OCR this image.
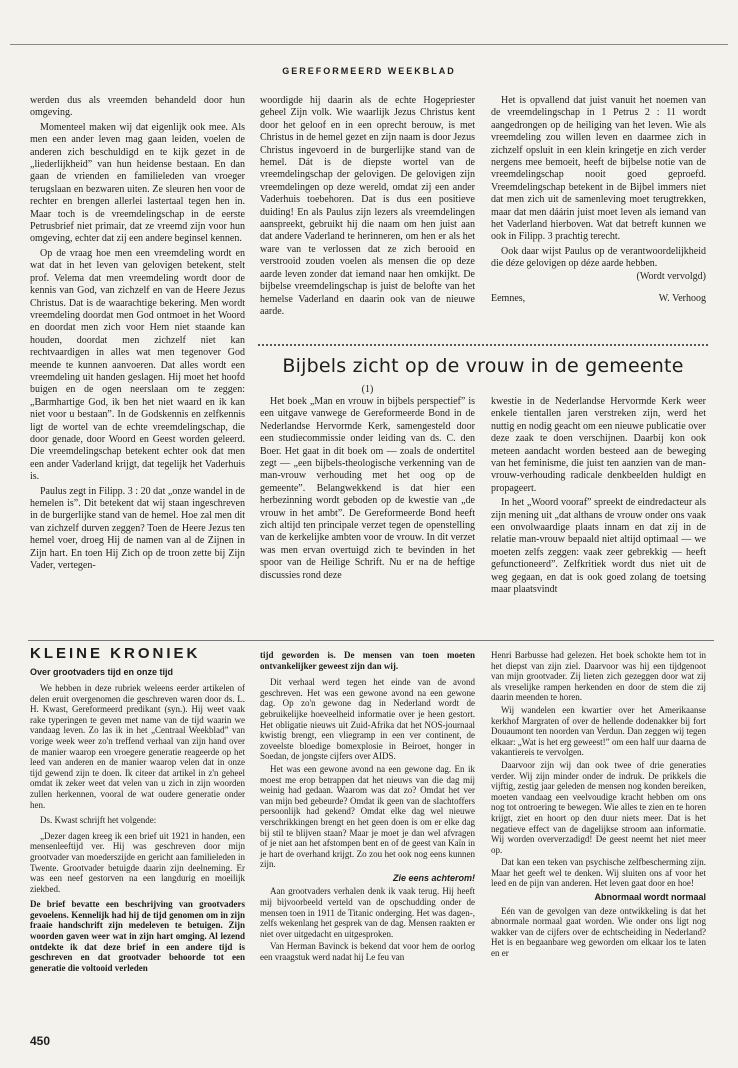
GEREFORMEERD WEEKBLAD

werden dus als vreemden behandeld door hun omgeving.

Momenteel maken wij dat eigenlijk ook mee. Als men een ander leven mag gaan leiden, voelen de anderen zich beschuldigd en te kijk gezet in de „liederlijkheid” van hun heidense bestaan. En dan gaan de vrienden en familieleden van vroeger terugslaan en bezwaren uiten. Ze sleuren hen voor de rechter en brengen allerlei lastertaal tegen hen in. Maar toch is de vreemdelingschap in de eerste Petrusbrief niet primair, dat ze vreemd zijn voor hun omgeving, echter dat zij een andere beginsel kennen.

Op de vraag hoe men een vreemdeling wordt en wat dat in het leven van gelovigen betekent, stelt prof. Velema dat men vreemdeling wordt door de kennis van God, van zichzelf en van de Heere Jezus Christus. Dat is de waarachtige bekering. Men wordt vreemdeling doordat men God ontmoet in het Woord en doordat men zich voor Hem niet staande kan houden, doordat men zichzelf niet kan rechtvaardigen in alles wat men tegenover God meende te kunnen aanvoeren. Dat alles wordt een vreemdeling uit handen geslagen. Hij moet het hoofd buigen en de ogen neerslaan om te zeggen: „Barmhartige God, ik ben het niet waard en ik kan niet voor u bestaan”. In de Godskennis en zelfkennis ligt de wortel van de echte vreemdelingschap, die door genade, door Woord en Geest worden geleerd. Die vreemdelingschap betekent echter ook dat men een ander Vaderland krijgt, dat tegelijk het Vaderhuis is.

Paulus zegt in Filipp. 3 : 20 dat „onze wandel in de hemelen is”. Dit betekent dat wij staan ingeschreven in de burgerlijke stand van de hemel. Hoe zal men dit van zichzelf durven zeggen? Toen de Heere Jezus ten hemel voer, droeg Hij de namen van al de Zijnen in Zijn hart. En toen Hij Zich op de troon zette bij Zijn Vader, vertegen-

woordigde hij daarin als de echte Hogepriester geheel Zijn volk. Wie waarlijk Jezus Christus kent door het geloof en in een oprecht berouw, is met Christus in de hemel gezet en zijn naam is door Jezus Christus ingevoerd in de burgerlijke stand van de hemel. Dát is de diepste wortel van de vreemdelingschap der gelovigen. De gelovigen zijn vreemdelingen op deze wereld, omdat zij een ander Vaderhuis toebehoren. Dat is dus een positieve duiding! En als Paulus zijn lezers als vreemdelingen aanspreekt, gebruikt hij die naam om hen juist aan dat andere Vaderland te herinneren, om hen er als het ware van te verlossen dat ze zich berooid en verstrooid zouden voelen als mensen die op deze aarde leven zonder dat iemand naar hen omkijkt. De bijbelse vreemdelingschap is juist de belofte van het hemelse Vaderland en daarin ook van de nieuwe aarde.

Het is opvallend dat juist vanuit het noemen van de vreemdelingschap in 1 Petrus 2 : 11 wordt aangedrongen op de heiliging van het leven. Wie als vreemdeling zou willen leven en daarmee zich in zichzelf opsluit in een klein kringetje en zich verder nergens mee bemoeit, heeft de bijbelse notie van de vreemdelingschap nooit goed geproefd. Vreemdelingschap betekent in de Bijbel immers niet dat men zich uit de samenleving moet terugtrekken, maar dat men dáárin juist moet leven als iemand van het Vaderland hierboven. Wat dat betreft kunnen we ook in Filipp. 3 prachtig terecht.

Ook daar wijst Paulus op de verantwoordelijkheid die déze gelovigen op déze aarde hebben.

(Wordt vervolgd)
Eemnes,	W. Verhoog
Bijbels zicht op de vrouw in de gemeente
(1)

Het boek „Man en vrouw in bijbels perspectief” is een uitgave vanwege de Gereformeerde Bond in de Nederlandse Hervormde Kerk, samengesteld door een studiecommissie onder leiding van ds. C. den Boer. Het gaat in dit boek om — zoals de ondertitel zegt — „een bijbels-theologische verkenning van de man-vrouw verhouding met het oog op de gemeente”. Belangwekkend is dat hier een herbezinning wordt geboden op de kwestie van „de vrouw in het ambt”. De Gereformeerde Bond heeft zich altijd ten principale verzet tegen de openstelling van de kerkelijke ambten voor de vrouw. In dit verzet was men ervan overtuigd zich te bevinden in het spoor van de Heilige Schrift. Nu er na de heftige discussies rond deze

kwestie in de Nederlandse Hervormde Kerk weer enkele tientallen jaren verstreken zijn, werd het nuttig en nodig geacht om een nieuwe publicatie over deze zaak te doen verschijnen. Daarbij kon ook meteen aandacht worden besteed aan de beweging van het feminisme, die juist ten aanzien van de man-vrouw-verhouding radicale denkbeelden huldigt en propageert.

In het „Woord vooraf” spreekt de eindredacteur als zijn mening uit „dat althans de vrouw onder ons vaak een onvolwaardige plaats innam en dat zij in de relatie man-vrouw bepaald niet altijd optimaal — we moeten zelfs zeggen: vaak zeer gebrekkig — heeft gefunctioneerd”. Zelfkritiek wordt dus niet uit de weg gegaan, en dat is ook goed zolang de toetsing maar plaatsvindt

KLEINE KRONIEK
Over grootvaders tijd en onze tijd

We hebben in deze rubriek weleens eerder artikelen of delen eruit overgenomen die geschreven waren door ds. L. H. Kwast, Gereformeerd predikant (syn.). Hij weet vaak rake typeringen te geven met name van de tijd waarin we vandaag leven. Zo las ik in het „Centraal Weekblad” van vorige week weer zo'n treffend verhaal van zijn hand over de manier waarop een vroegere generatie reageerde op het leed van anderen en de manier waarop velen dat in onze tijd gewend zijn te doen. Ik citeer dat artikel in z'n geheel omdat ik zeker weet dat velen van u zich in zijn woorden zullen herkennen, vooral de wat oudere generatie onder hen.

Ds. Kwast schrijft het volgende:

„Dezer dagen kreeg ik een brief uit 1921 in handen, een mensenleeftijd ver. Hij was geschreven door mijn grootvader van moederszijde en gericht aan familieleden in Twente. Grootvader betuigde daarin zijn deelneming. Er was een neef gestorven na een langdurig en moeilijk ziekbed.

De brief bevatte een beschrijving van grootvaders gevoelens. Kennelijk had hij de tijd genomen om in zijn fraaie handschrift zijn medeleven te betuigen. Zijn woorden gaven weer wat in zijn hart omging. Al lezend ontdekte ik dat deze brief in een andere tijd is geschreven en dat grootvader behoorde tot een generatie die voltooid verleden

tijd geworden is. De mensen van toen moeten ontvankelijker geweest zijn dan wij.

Dit verhaal werd tegen het einde van de avond geschreven. Het was een gewone avond na een gewone dag. Op zo'n gewone dag in Nederland wordt de gebruikelijke hoeveelheid informatie over je heen gestort. Het obligatie nieuws uit Zuid-Afrika dat het NOS-journaal kwistig brengt, een vliegramp in een ver continent, de zoveelste bloedige bomexplosie in Beiroet, honger in Soedan, de jongste cijfers over AIDS.

Het was een gewone avond na een gewone dag. En ik moest me erop betrappen dat het nieuws van die dag mij weinig had gedaan. Waarom was dat zo? Omdat het ver van mijn bed gebeurde? Omdat ik geen van de slachtoffers persoonlijk had gekend? Omdat elke dag wel nieuwe verschrikkingen brengt en het geen doen is om er elke dag bij stil te blijven staan? Maar je moet je dan wel afvragen of je niet aan het afstompen bent en of de geest van Kaïn in je hart de overhand krijgt. Zo zou het ook nog eens kunnen zijn.

Zie eens achterom!

Aan grootvaders verhalen denk ik vaak terug. Hij heeft mij bijvoorbeeld verteld van de opschudding onder de mensen toen in 1911 de Titanic onderging. Het was dagen-, zelfs wekenlang het gesprek van de dag. Mensen raakten er niet over uitgedacht en uitgesproken.

Van Herman Bavinck is bekend dat voor hem de oorlog een vraagstuk werd nadat hij Le feu van

Henri Barbusse had gelezen. Het boek schokte hem tot in het diepst van zijn ziel. Daarvoor was hij een tijdgenoot van mijn grootvader. Zij lieten zich gezeggen door wat zij als vreselijke rampen herkenden en door de stem die zij daarin meenden te horen.

Wij wandelen een kwartier over het Amerikaanse kerkhof Margraten of over de hellende dodenakker bij fort Douaumont ten noorden van Verdun. Dan zeggen wij tegen elkaar: „Wat is het erg geweest!” om een half uur daarna de vakantiereis te vervolgen.

Daarvoor zijn wij dan ook twee of drie generaties verder. Wij zijn minder onder de indruk. De prikkels die vijftig, zestig jaar geleden de mensen nog konden bereiken, moeten vandaag een veelvoudige kracht hebben om ons nog tot ontroering te bewegen. Wie alles te zien en te horen krijgt, ziet en hoort op den duur niets meer. Dat is het negatieve effect van de dagelijkse stroom aan informatie. Wij worden oververzadigd! De geest neemt het niet meer op.

Dat kan een teken van psychische zelfbescherming zijn. Maar het geeft wel te denken. Wij sluiten ons af voor het leed en de pijn van anderen. Het leven gaat door en hoe!

Abnormaal wordt normaal

Eén van de gevolgen van deze ontwikkeling is dat het abnormale normaal gaat worden. Wie onder ons ligt nog wakker van de cijfers over de echtscheiding in Nederland? Het is en begaanbare weg geworden om elkaar los te laten en er

450
